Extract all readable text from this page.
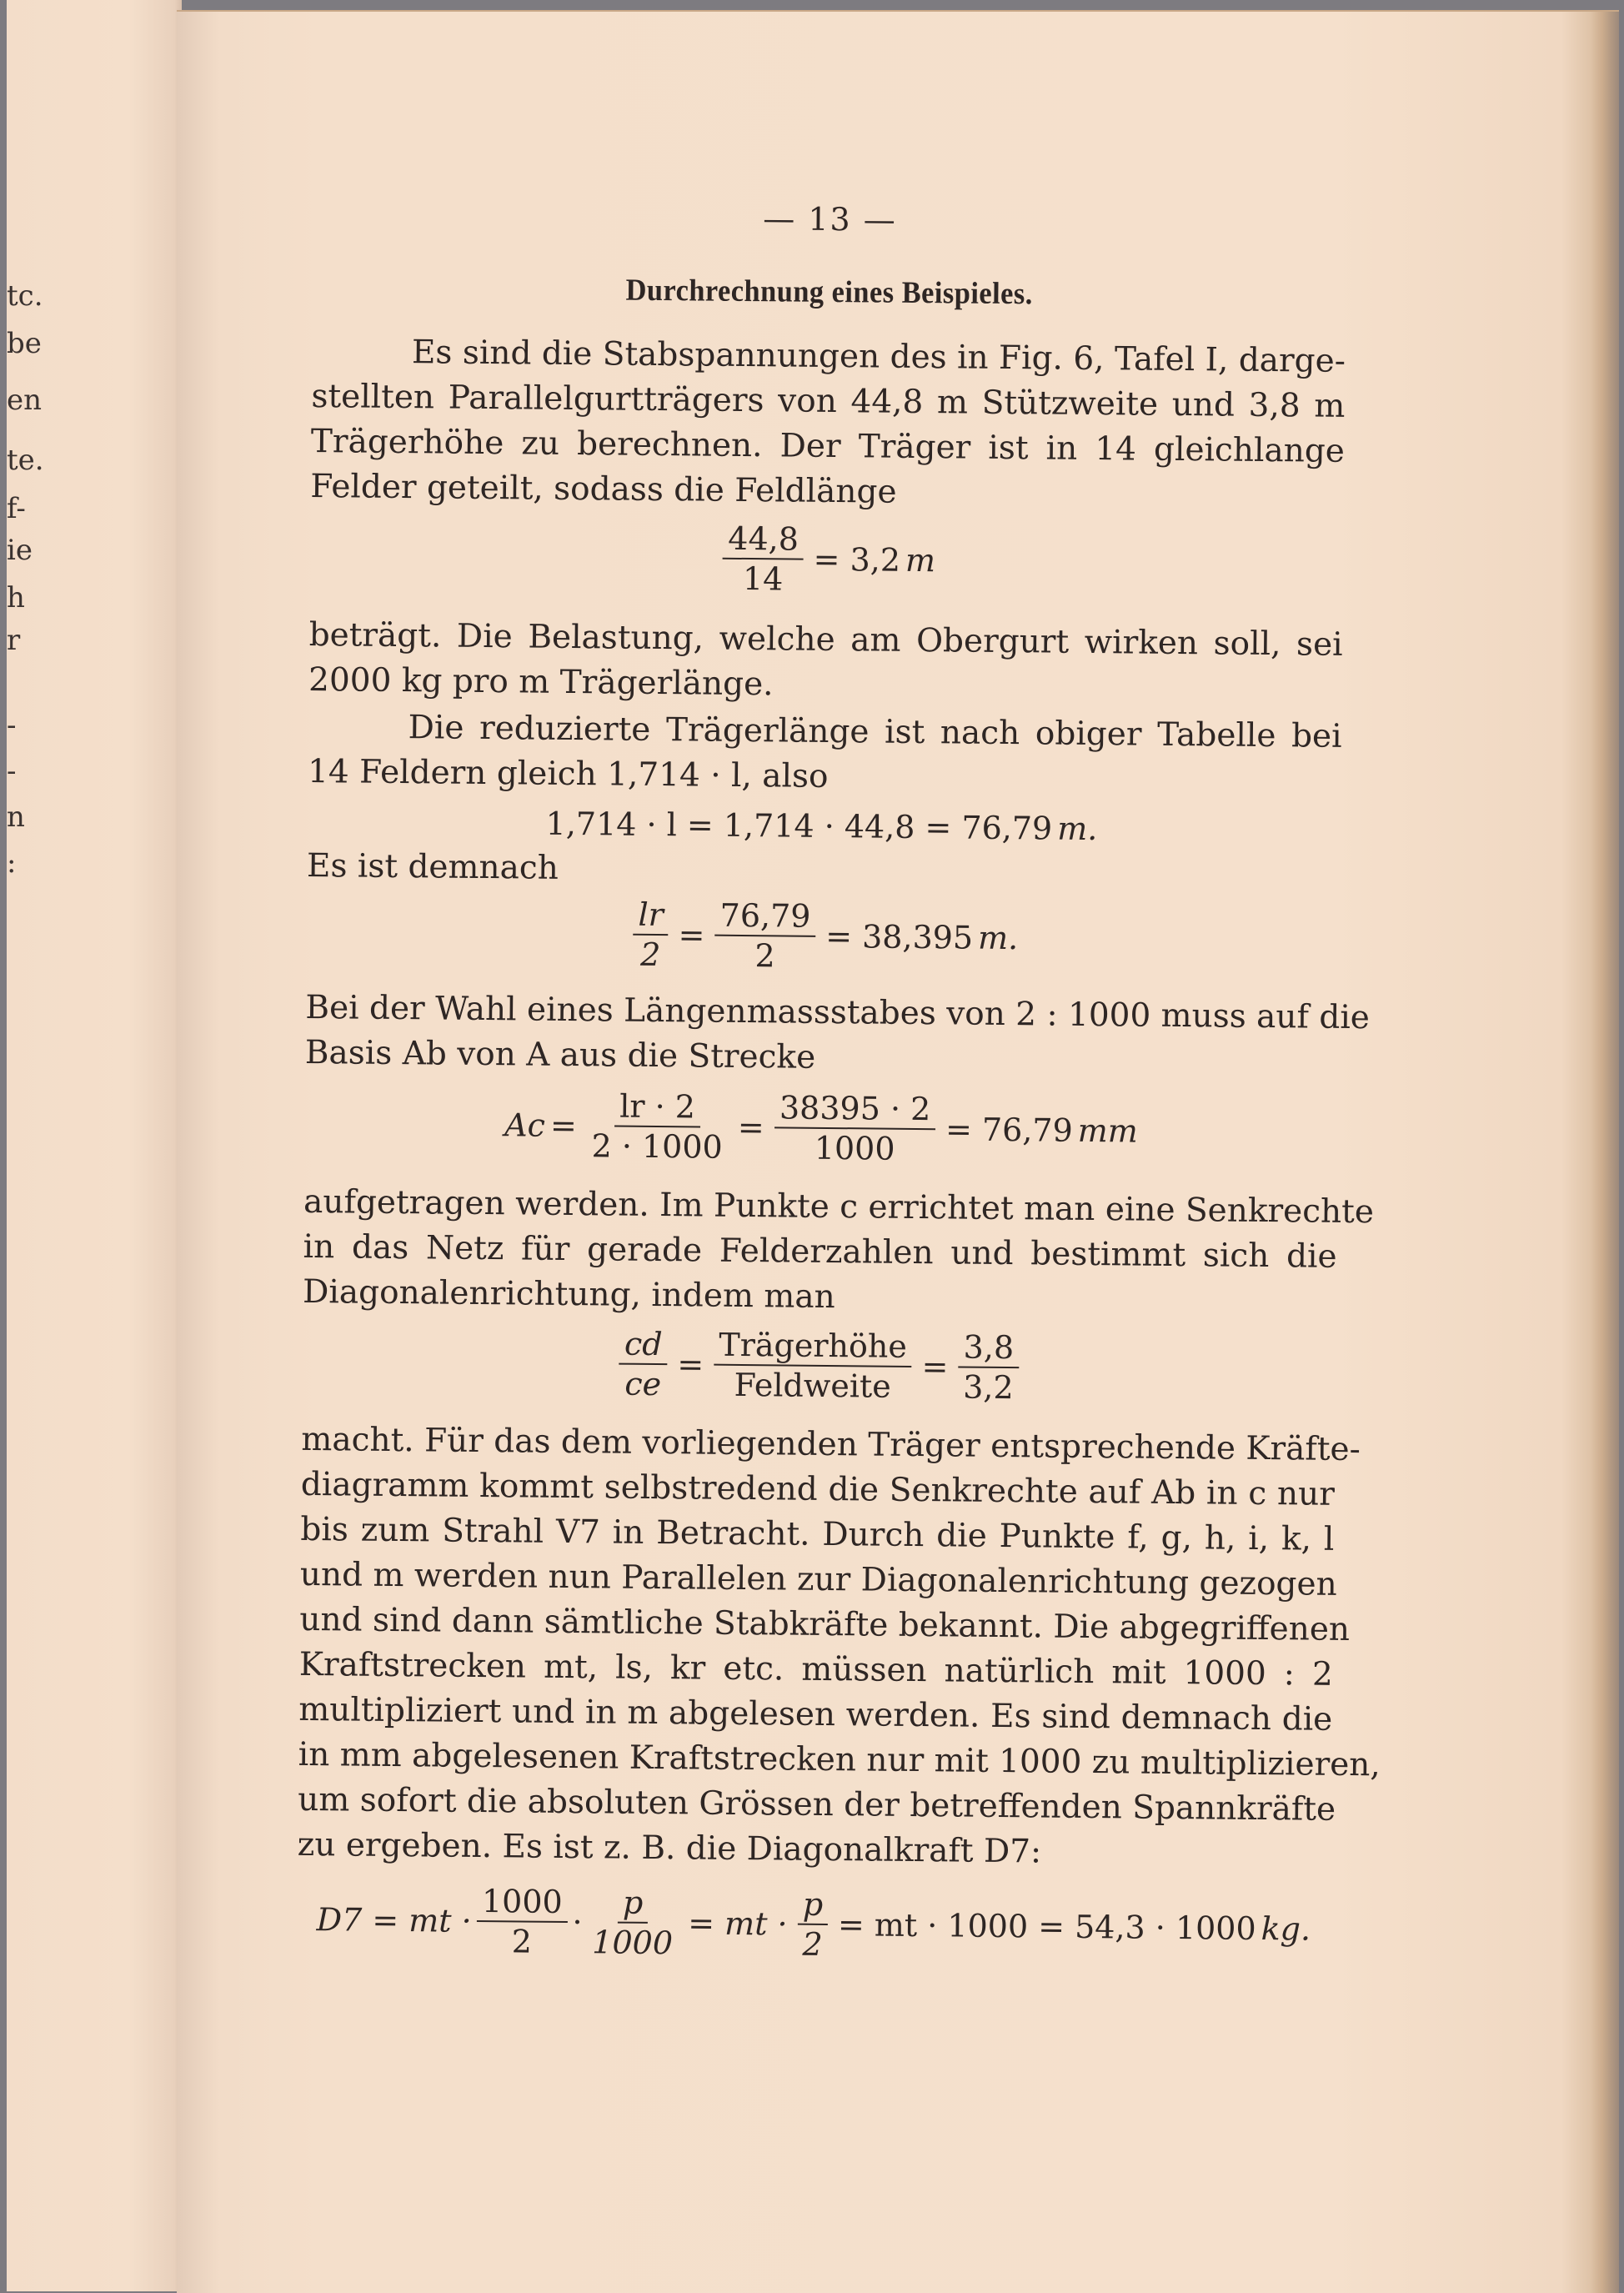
tc.
be
en
te.
f-
ie
h
r
-
-
n
:
— 13 —
Durchrechnung eines Beispieles.
Es sind die Stabspannungen des in Fig. 6, Tafel I, darge-
stellten Parallelgurtträgers von 44,8 m Stützweite und 3,8 m
Trägerhöhe zu berechnen. Der Träger ist in 14 gleichlange
Felder geteilt, sodass die Feldlänge
$\frac{44,8}{14} = 3,2$ m
beträgt. Die Belastung, welche am Obergurt wirken soll, sei
2000 kg pro m Trägerlänge.
Die reduzierte Trägerlänge ist nach obiger Tabelle bei
14 Feldern gleich 1,714 · l, also
1,714 · l = 1,714 · 44,8 = 76,79 m.
Es ist demnach
$\frac{lr}{2} = \frac{76,79}{2} = 38,395$ m.
Bei der Wahl eines Längenmassstabes von 2 : 1000 muss auf die
Basis Ab von A aus die Strecke
$Ac = \frac{lr \cdot 2}{2 \cdot 1000} = \frac{38395 \cdot 2}{1000} = 76,79$ mm
aufgetragen werden. Im Punkte c errichtet man eine Senkrechte
in das Netz für gerade Felderzahlen und bestimmt sich die
Diagonalenrichtung, indem man
$\frac{cd}{ce} = \frac{\text{Trägerhöhe}}{\text{Feldweite}} = \frac{3,8}{3,2}$
macht. Für das dem vorliegenden Träger entsprechende Kräfte-
diagramm kommt selbstredend die Senkrechte auf Ab in c nur
bis zum Strahl V7 in Betracht. Durch die Punkte f, g, h, i, k, l
und m werden nun Parallelen zur Diagonalenrichtung gezogen
und sind dann sämtliche Stabkräfte bekannt. Die abgegriffenen
Kraftstrecken mt, ls, kr etc. müssen natürlich mit 1000 : 2
multipliziert und in m abgelesen werden. Es sind demnach die
in mm abgelesenen Kraftstrecken nur mit 1000 zu multiplizieren,
um sofort die absoluten Grössen der betreffenden Spannkräfte
zu ergeben. Es ist z. B. die Diagonalkraft D7:
D7 = mt · $\frac{1000}{2} \cdot \frac{p}{1000}$ = mt · $\frac{p}{2}$ = mt · 1000 = 54,3 · 1000 kg.
